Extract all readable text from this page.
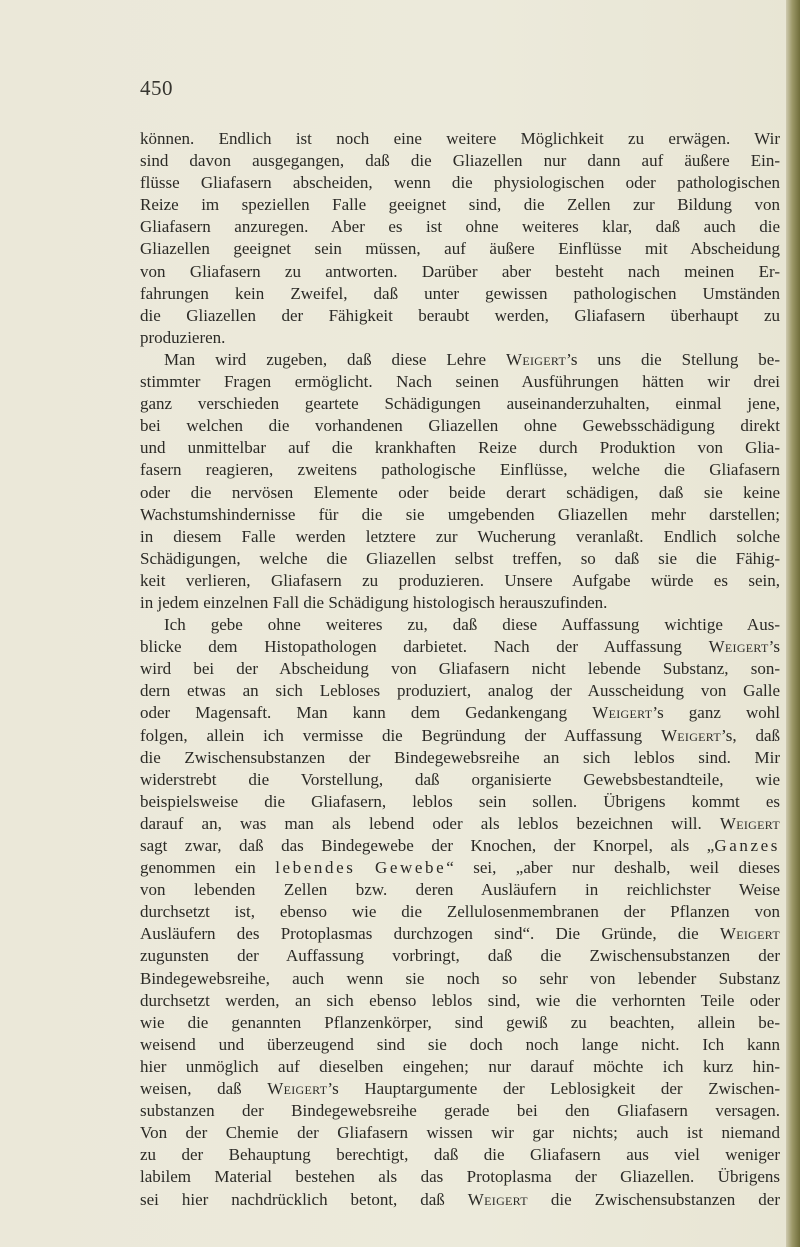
450
können. Endlich ist noch eine weitere Möglichkeit zu erwägen. Wir
sind davon ausgegangen, daß die Gliazellen nur dann auf äußere Ein-
flüsse Gliafasern abscheiden, wenn die physiologischen oder pathologischen
Reize im speziellen Falle geeignet sind, die Zellen zur Bildung von
Gliafasern anzuregen. Aber es ist ohne weiteres klar, daß auch die
Gliazellen geeignet sein müssen, auf äußere Einflüsse mit Abscheidung
von Gliafasern zu antworten. Darüber aber besteht nach meinen Er-
fahrungen kein Zweifel, daß unter gewissen pathologischen Umständen
die Gliazellen der Fähigkeit beraubt werden, Gliafasern überhaupt zu
produzieren.
Man wird zugeben, daß diese Lehre Weigert’s uns die Stellung be-
stimmter Fragen ermöglicht. Nach seinen Ausführungen hätten wir drei
ganz verschieden geartete Schädigungen auseinanderzuhalten, einmal jene,
bei welchen die vorhandenen Gliazellen ohne Gewebsschädigung direkt
und unmittelbar auf die krankhaften Reize durch Produktion von Glia-
fasern reagieren, zweitens pathologische Einflüsse, welche die Gliafasern
oder die nervösen Elemente oder beide derart schädigen, daß sie keine
Wachstumshindernisse für die sie umgebenden Gliazellen mehr darstellen;
in diesem Falle werden letztere zur Wucherung veranlaßt. Endlich solche
Schädigungen, welche die Gliazellen selbst treffen, so daß sie die Fähig-
keit verlieren, Gliafasern zu produzieren. Unsere Aufgabe würde es sein,
in jedem einzelnen Fall die Schädigung histologisch herauszufinden.
Ich gebe ohne weiteres zu, daß diese Auffassung wichtige Aus-
blicke dem Histopathologen darbietet. Nach der Auffassung Weigert’s
wird bei der Abscheidung von Gliafasern nicht lebende Substanz, son-
dern etwas an sich Lebloses produziert, analog der Ausscheidung von Galle
oder Magensaft. Man kann dem Gedankengang Weigert’s ganz wohl
folgen, allein ich vermisse die Begründung der Auffassung Weigert’s, daß
die Zwischensubstanzen der Bindegewebsreihe an sich leblos sind. Mir
widerstrebt die Vorstellung, daß organisierte Gewebsbestandteile, wie
beispielsweise die Gliafasern, leblos sein sollen. Übrigens kommt es
darauf an, was man als lebend oder als leblos bezeichnen will. Weigert
sagt zwar, daß das Bindegewebe der Knochen, der Knorpel, als „Ganzes
genommen ein lebendes Gewebe“ sei, „aber nur deshalb, weil dieses
von lebenden Zellen bzw. deren Ausläufern in reichlichster Weise
durchsetzt ist, ebenso wie die Zellulosenmembranen der Pflanzen von
Ausläufern des Protoplasmas durchzogen sind“. Die Gründe, die Weigert
zugunsten der Auffassung vorbringt, daß die Zwischensubstanzen der
Bindegewebsreihe, auch wenn sie noch so sehr von lebender Substanz
durchsetzt werden, an sich ebenso leblos sind, wie die verhornten Teile oder
wie die genannten Pflanzenkörper, sind gewiß zu beachten, allein be-
weisend und überzeugend sind sie doch noch lange nicht. Ich kann
hier unmöglich auf dieselben eingehen; nur darauf möchte ich kurz hin-
weisen, daß Weigert’s Hauptargumente der Leblosigkeit der Zwischen-
substanzen der Bindegewebsreihe gerade bei den Gliafasern versagen.
Von der Chemie der Gliafasern wissen wir gar nichts; auch ist niemand
zu der Behauptung berechtigt, daß die Gliafasern aus viel weniger
labilem Material bestehen als das Protoplasma der Gliazellen. Übrigens
sei hier nachdrücklich betont, daß Weigert die Zwischensubstanzen der
